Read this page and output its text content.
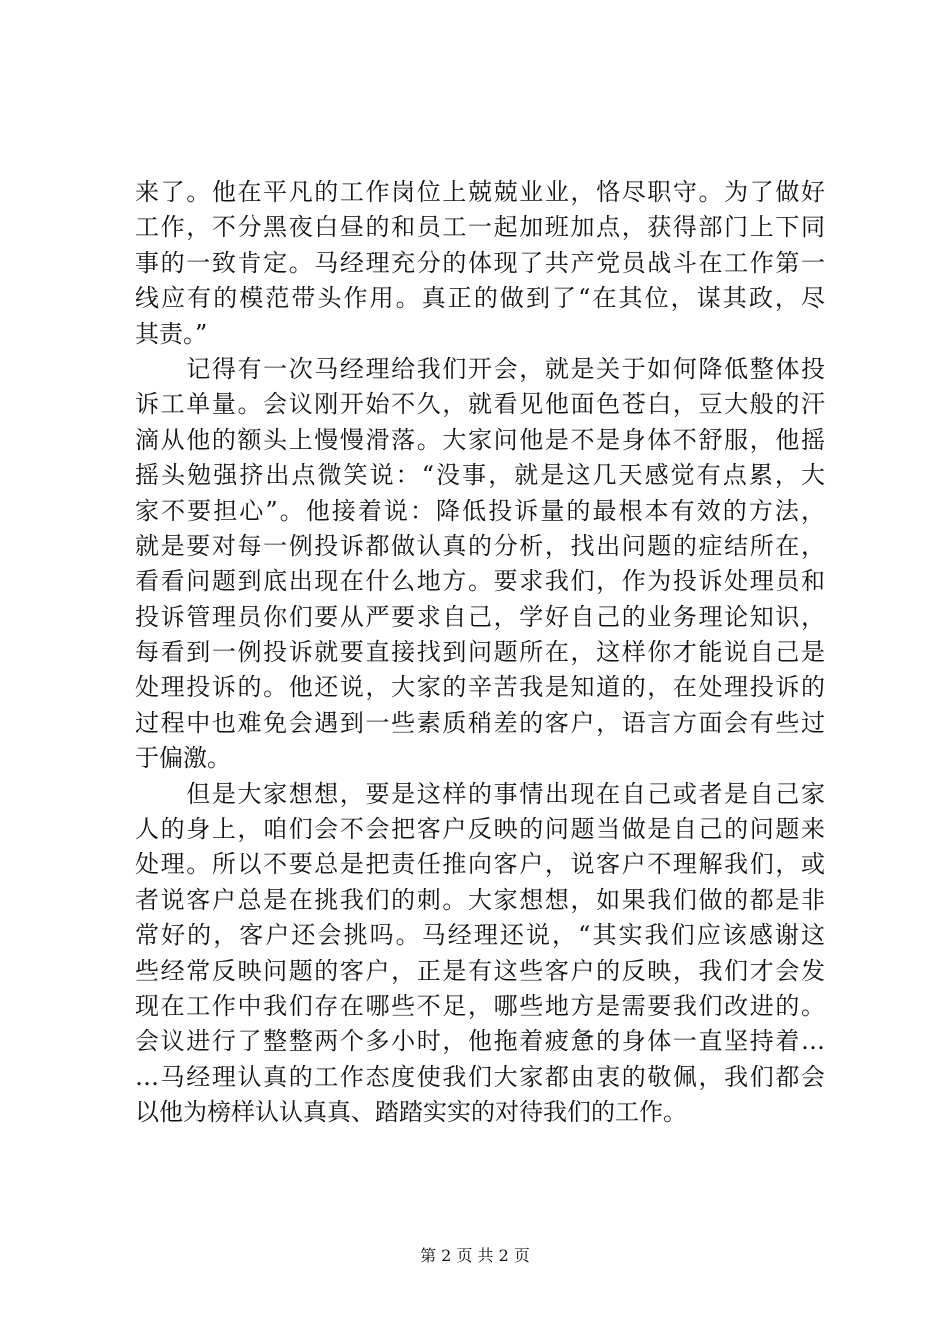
来了。他在平凡的工作岗位上兢兢业业，恪尽职守。为了做好
工作，不分黑夜白昼的和员工一起加班加点，获得部门上下同
事的一致肯定。马经理充分的体现了共产党员战斗在工作第一
线应有的模范带头作用。真正的做到了“在其位，谋其政，尽
其责。”
　　记得有一次马经理给我们开会，就是关于如何降低整体投
诉工单量。会议刚开始不久，就看见他面色苍白，豆大般的汗
滴从他的额头上慢慢滑落。大家问他是不是身体不舒服，他摇
摇头勉强挤出点微笑说：“没事，就是这几天感觉有点累，大
家不要担心”。他接着说：降低投诉量的最根本有效的方法，
就是要对每一例投诉都做认真的分析，找出问题的症结所在，
看看问题到底出现在什么地方。要求我们，作为投诉处理员和
投诉管理员你们要从严要求自己，学好自己的业务理论知识，
每看到一例投诉就要直接找到问题所在，这样你才能说自己是
处理投诉的。他还说，大家的辛苦我是知道的，在处理投诉的
过程中也难免会遇到一些素质稍差的客户，语言方面会有些过
于偏激。
　　但是大家想想，要是这样的事情出现在自己或者是自己家
人的身上，咱们会不会把客户反映的问题当做是自己的问题来
处理。所以不要总是把责任推向客户，说客户不理解我们，或
者说客户总是在挑我们的刺。大家想想，如果我们做的都是非
常好的，客户还会挑吗。马经理还说，“其实我们应该感谢这
些经常反映问题的客户，正是有这些客户的反映，我们才会发
现在工作中我们存在哪些不足，哪些地方是需要我们改进的。
会议进行了整整两个多小时，他拖着疲惫的身体一直坚持着…
…马经理认真的工作态度使我们大家都由衷的敬佩，我们都会
以他为榜样认认真真、踏踏实实的对待我们的工作。
第 2 页 共 2 页
